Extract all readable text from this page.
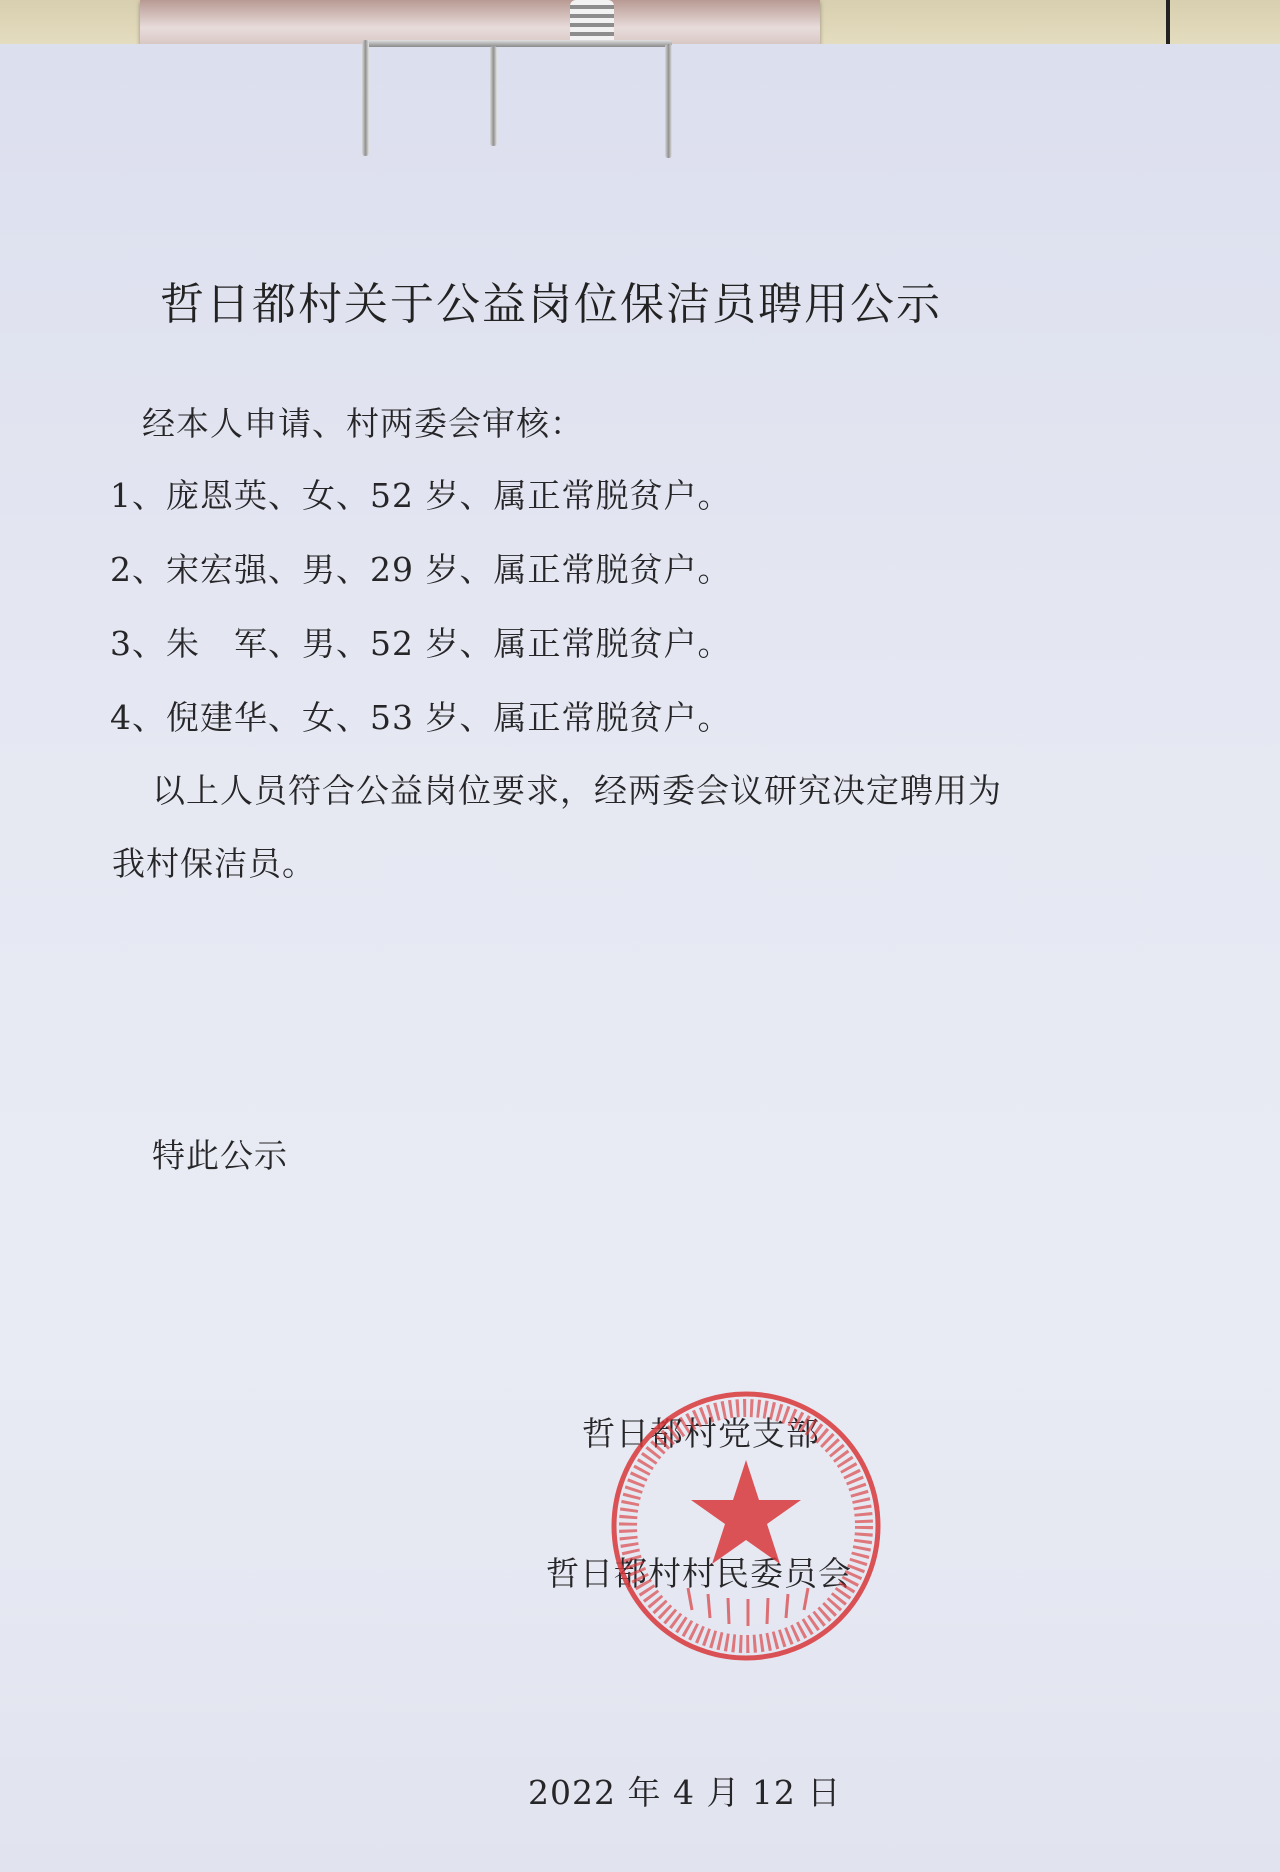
哲日都村关于公益岗位保洁员聘用公示
经本人申请、村两委会审核：
1、庞恩英、女、52 岁、属正常脱贫户。
2、宋宏强、男、29 岁、属正常脱贫户。
3、朱　军、男、52 岁、属正常脱贫户。
4、倪建华、女、53 岁、属正常脱贫户。
以上人员符合公益岗位要求，经两委会议研究决定聘用为
我村保洁员。
特此公示
哲日都村党支部
哲日都村村民委员会
2022 年 4 月 12 日
